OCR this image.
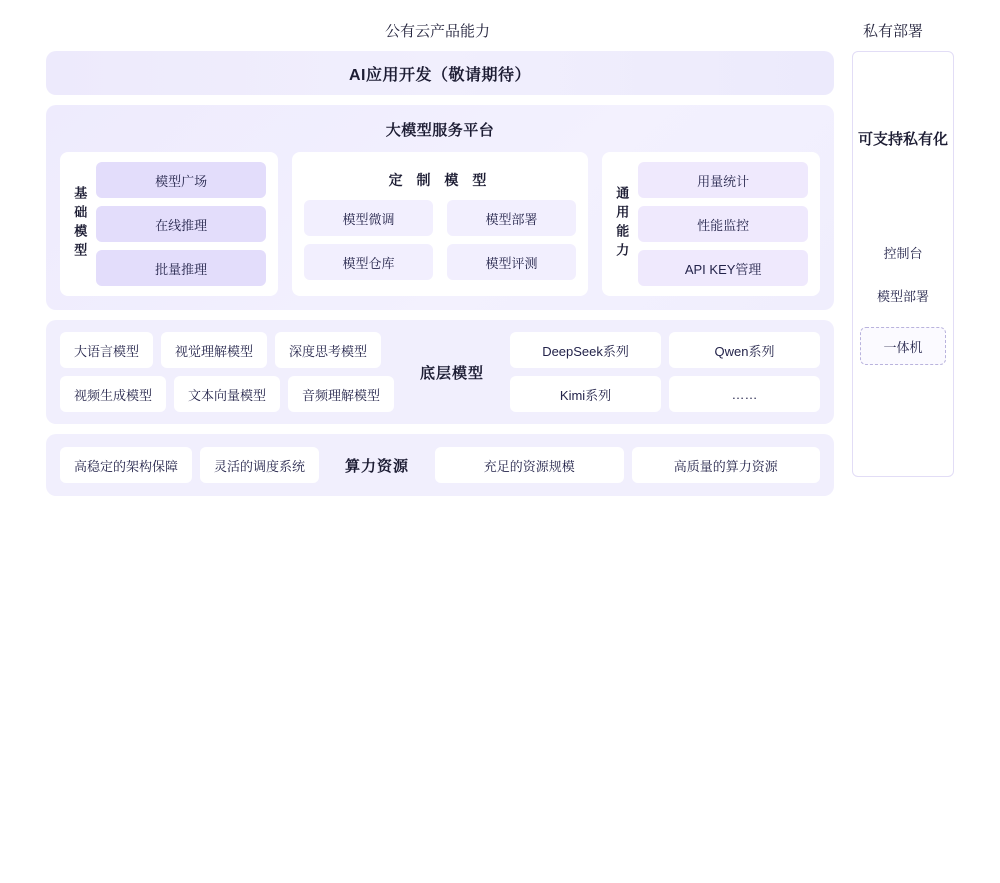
公有云产品能力	私有部署
AI应用开发（敬请期待）
大模型服务平台
基础模型
模型广场
在线推理
批量推理
定 制 模 型
模型微调	模型部署
模型仓库	模型评测
通用能力
用量统计
性能监控
API KEY管理
大语言模型	视觉理解模型	深度思考模型
视频生成模型	文本向量模型	音频理解模型
底层模型
DeepSeek系列	Qwen系列
Kimi系列	……
高稳定的架构保障	灵活的调度系统	算力资源	充足的资源规模	高质量的算力资源
可支持私有化
控制台
模型部署
一体机
